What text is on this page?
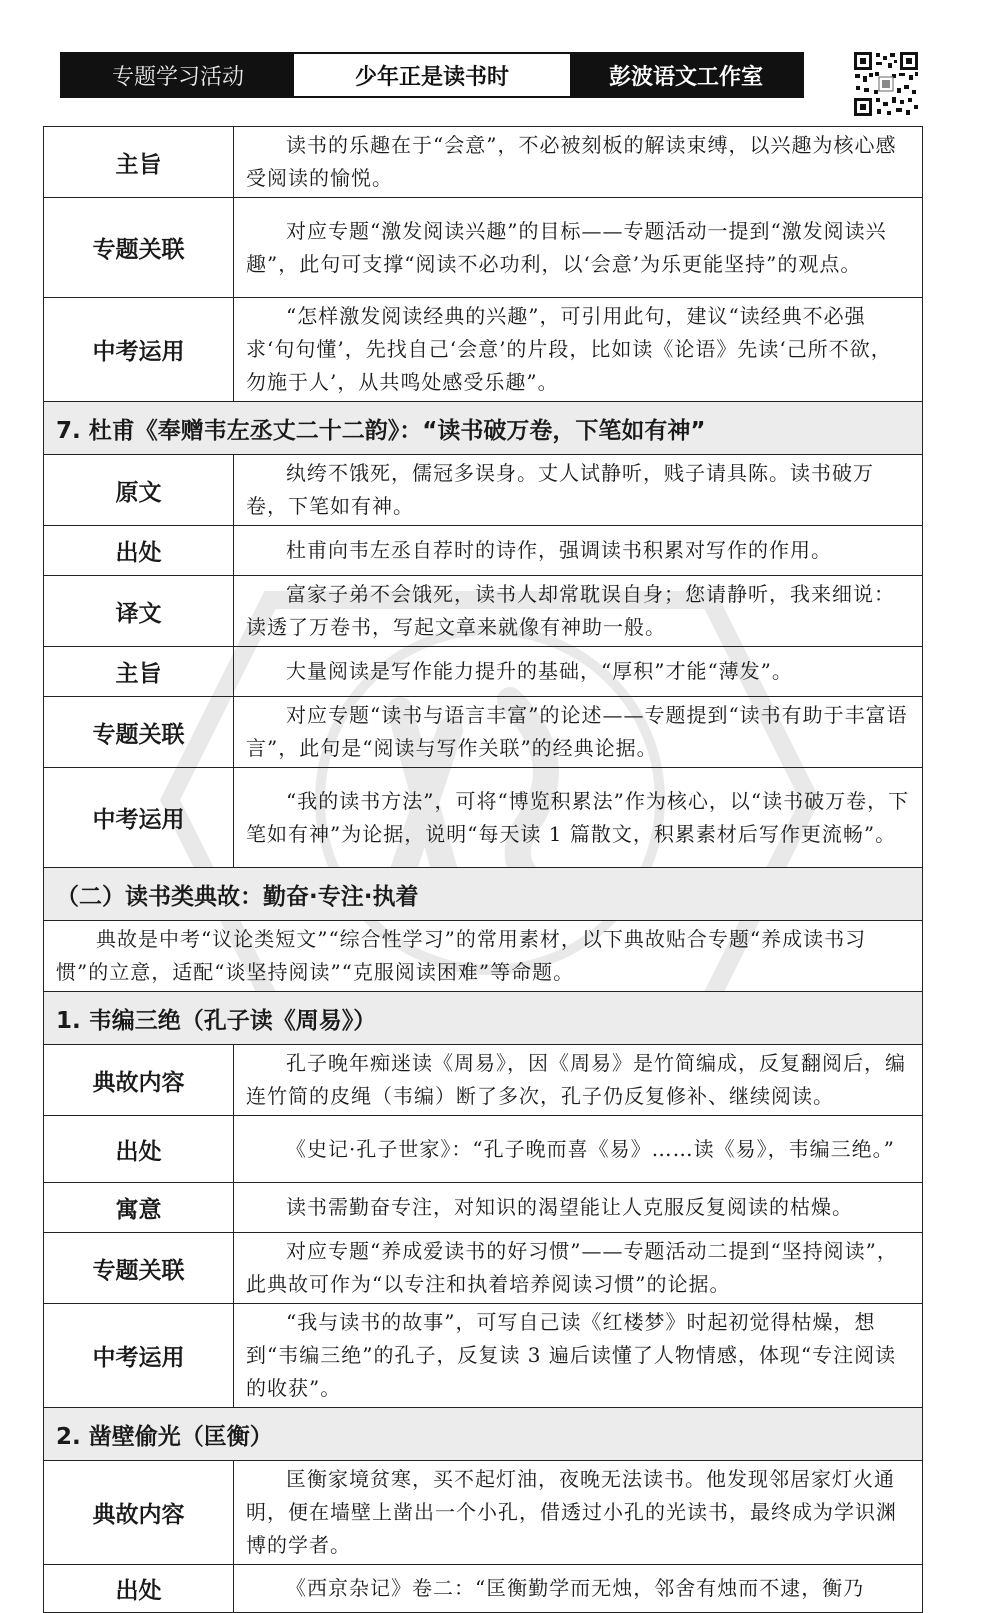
专题学习活动	少年正是读书时	彭波语文工作室
主旨	读书的乐趣在于“会意”，不必被刻板的解读束缚，以兴趣为核心感受阅读的愉悦。
专题关联	对应专题“激发阅读兴趣”的目标——专题活动一提到“激发阅读兴趣”，此句可支撑“阅读不必功利，以‘会意’为乐更能坚持”的观点。
中考运用	“怎样激发阅读经典的兴趣”，可引用此句，建议“读经典不必强求‘句句懂’，先找自己‘会意’的片段，比如读《论语》先读‘己所不欲，勿施于人’，从共鸣处感受乐趣”。
7. 杜甫《奉赠韦左丞丈二十二韵》：“读书破万卷，下笔如有神”	
原文	纨绔不饿死，儒冠多误身。丈人试静听，贱子请具陈。读书破万卷，下笔如有神。
出处	杜甫向韦左丞自荐时的诗作，强调读书积累对写作的作用。
译文	富家子弟不会饿死，读书人却常耽误自身；您请静听，我来细说：读透了万卷书，写起文章来就像有神助一般。
主旨	大量阅读是写作能力提升的基础，“厚积”才能“薄发”。
专题关联	对应专题“读书与语言丰富”的论述——专题提到“读书有助于丰富语言”，此句是“阅读与写作关联”的经典论据。
中考运用	“我的读书方法”，可将“博览积累法”作为核心，以“读书破万卷，下笔如有神”为论据，说明“每天读 1 篇散文，积累素材后写作更流畅”。
（二）读书类典故：勤奋·专注·执着	
典故是中考“议论类短文”“综合性学习”的常用素材，以下典故贴合专题“养成读书习惯”的立意，适配“谈坚持阅读”“克服阅读困难”等命题。	
1. 韦编三绝（孔子读《周易》）	
典故内容	孔子晚年痴迷读《周易》，因《周易》是竹简编成，反复翻阅后，编连竹简的皮绳（韦编）断了多次，孔子仍反复修补、继续阅读。
出处	《史记·孔子世家》：“孔子晚而喜《易》……读《易》，韦编三绝。”
寓意	读书需勤奋专注，对知识的渴望能让人克服反复阅读的枯燥。
专题关联	对应专题“养成爱读书的好习惯”——专题活动二提到“坚持阅读”，此典故可作为“以专注和执着培养阅读习惯”的论据。
中考运用	“我与读书的故事”，可写自己读《红楼梦》时起初觉得枯燥，想到“韦编三绝”的孔子，反复读 3 遍后读懂了人物情感，体现“专注阅读的收获”。
2. 凿壁偷光（匡衡）	
典故内容	匡衡家境贫寒，买不起灯油，夜晚无法读书。他发现邻居家灯火通明，便在墙壁上凿出一个小孔，借透过小孔的光读书，最终成为学识渊博的学者。
出处	《西京杂记》卷二：“匡衡勤学而无烛，邻舍有烛而不逮，衡乃
